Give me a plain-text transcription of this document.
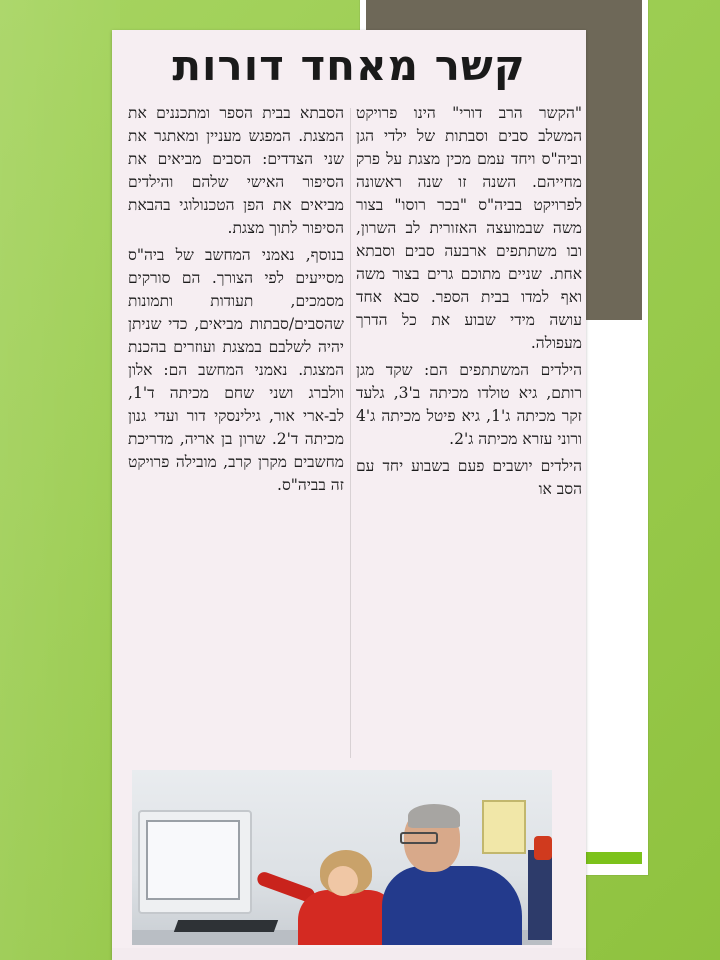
קשר מאחד דורות

"הקשר הרב דורי" הינו פרויקט המשלב סבים וסבתות של ילדי הגן וביה"ס ויחד עמם מכין מצגת על פרק מחייהם. השנה זו שנה ראשונה לפרויקט בביה"ס "בכר רוסו" בצור משה שבמועצה האזורית לב השרון, ובו משתתפים ארבעה סבים וסבתא אחת. שניים מתוכם גרים בצור משה ואף למדו בבית הספר. סבא אחד עושה מידי שבוע את כל הדרך מעפולה.

הילדים המשתתפים הם: שקד מגן רותם, גיא טולדו מכיתה ב'3, גלעד זקר מכיתה ג'1, גיא פיטל מכיתה ג'4 ורוני עזרא מכיתה ג'2.

הילדים יושבים פעם בשבוע יחד עם הסב או

הסבתא בבית הספר ומתכננים את המצגת. המפגש מעניין ומאתגר את שני הצדדים: הסבים מביאים את הסיפור האישי שלהם והילדים מביאים את הפן הטכנולוגי בהבאת הסיפור לתוך מצגת.

בנוסף, נאמני המחשב של ביה"ס מסייעים לפי הצורך. הם סורקים מסמכים, תעודות ותמונות שהסבים/סבתות מביאים, כדי שניתן יהיה לשלבם במצגת ועוזרים בהכנת המצגת. נאמני המחשב הם: אלון וולברג ושני שחם מכיתה ד'1, לב-ארי אור, גילינסקי דור ועדי גנון מכיתה ד'2. שרון בן אריה, מדריכת מחשבים מקרן קרב, מובילה פרויקט זה בביה"ס.
